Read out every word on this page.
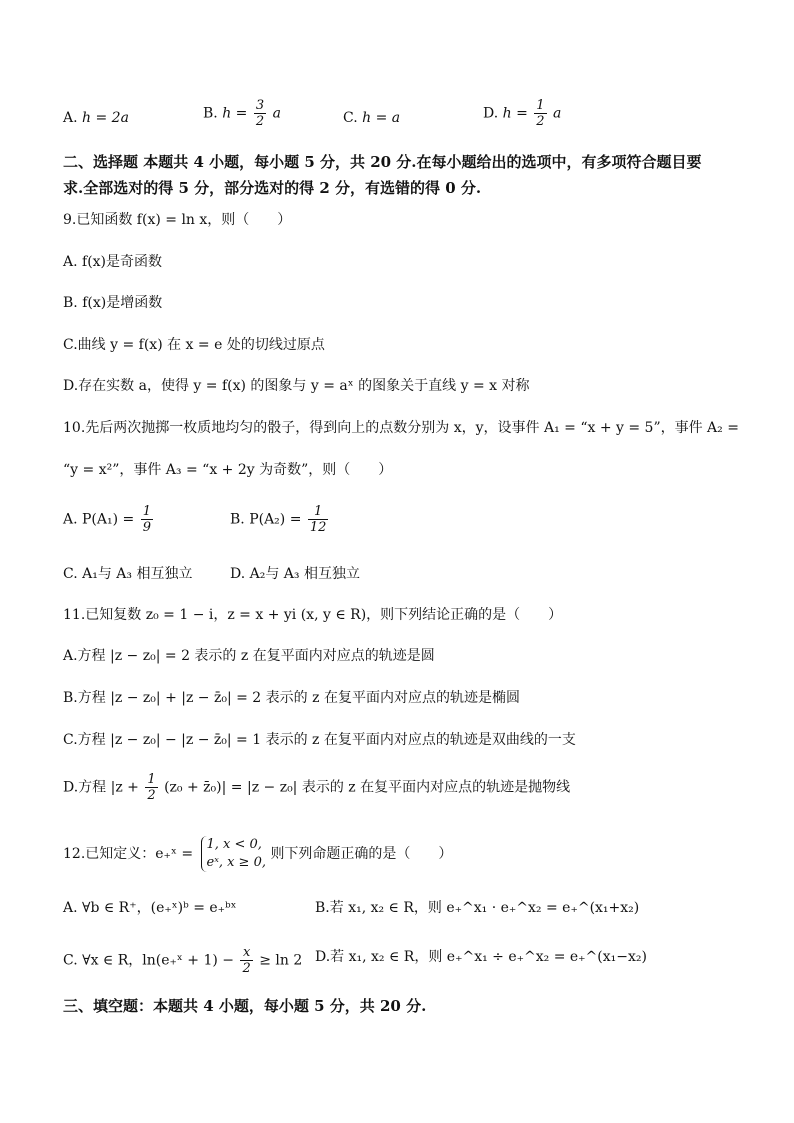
A. h = 2a	B. $h = \frac{3}{2}$ a	C. h = a	D. $h = \frac{1}{2}$ a
二、选择题 本题共 4 小题，每小题 5 分，共 20 分.在每小题给出的选项中，有多项符合题目要
求.全部选对的得 5 分，部分选对的得 2 分，有选错的得 0 分.
9.已知函数 f(x) = ln x，则（　　）
A. f(x)是奇函数
B. f(x)是增函数
C.曲线 y = f(x) 在 x = e 处的切线过原点
D.存在实数 a，使得 y = f(x) 的图象与 y = aˣ 的图象关于直线 y = x 对称
10.先后两次抛掷一枚质地均匀的骰子，得到向上的点数分别为 x，y，设事件 A₁ = “x + y = 5”，事件 A₂ =
“y = x²”，事件 A₃ = “x + 2y 为奇数”，则（　　）
A. $P(A_1) = \frac{1}{9}$	B. $P(A_2) = \frac{1}{12}$
C. A₁与 A₃ 相互独立	D. A₂与 A₃ 相互独立
11.已知复数 z₀ = 1 − i，z = x + yi (x, y ∈ R)，则下列结论正确的是（　　）
A.方程 |z − z₀| = 2 表示的 z 在复平面内对应点的轨迹是圆
B.方程 |z − z₀| + |z − z̄₀| = 2 表示的 z 在复平面内对应点的轨迹是椭圆
C.方程 |z − z₀| − |z − z̄₀| = 1 表示的 z 在复平面内对应点的轨迹是双曲线的一支
D.方程 $|z + \frac{1}{2} (z_0$ + z̄₀)| = |z − z₀| 表示的 z 在复平面内对应点的轨迹是抛物线
12.已知定义：e₊ˣ =
1, x < 0,
eˣ, x ≥ 0,
则下列命题正确的是（　　）
A. ∀b ∈ R⁺，(e₊ˣ)ᵇ = e₊ᵇˣ	B.若 x₁, x₂ ∈ R，则 e₊^x₁ · e₊^x₂ = e₊^(x₁+x₂)
C. ∀x ∈ R，ln(e₊ˣ + $1) - \frac{x}{2} \ge \ln 2$ D.若 x₁, x₂ ∈ R，则 e₊^x₁ ÷ e₊^x₂ = e₊^(x₁−x₂)
三、填空题：本题共 4 小题，每小题 5 分，共 20 分.
